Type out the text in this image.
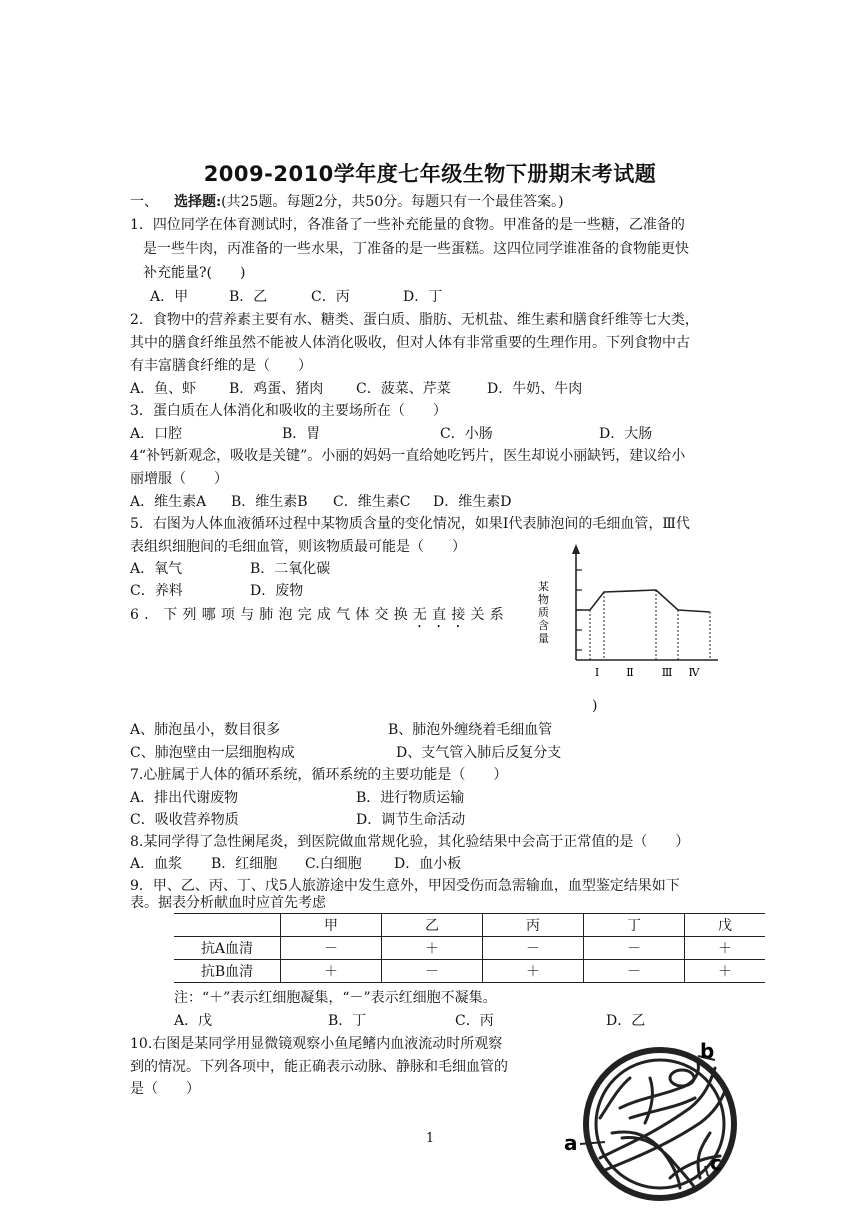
2009-2010学年度七年级生物下册期末考试题
一、 选择题:(共25题。每题2分，共50分。每题只有一个最佳答案。)
1．四位同学在体育测试时，各准备了一些补充能量的食物。甲准备的是一些糖，乙准备的
是一些牛肉，丙准备的一些水果，丁准备的是一些蛋糕。这四位同学谁准备的食物能更快
补充能量?(　　)
A．甲	B．乙	C．丙	D．丁
2．食物中的营养素主要有水、糖类、蛋白质、脂肪、无机盐、维生素和膳食纤维等七大类，
其中的膳食纤维虽然不能被人体消化吸收，但对人体有非常重要的生理作用。下列食物中古
有丰富膳食纤维的是（　　）
A．鱼、虾 B．鸡蛋、猪肉 C．菠菜、芹菜	D．牛奶、牛肉
3．蛋白质在人体消化和吸收的主要场所在（　　）
A．口腔	B．胃	C．小肠	D．大肠
4“补钙新观念，吸收是关键”。小丽的妈妈一直给她吃钙片，医生却说小丽缺钙，建议给小
丽增服（　　）
A．维生素A B．维生素B C．维生素C D．维生素D
5．右图为人体血液循环过程中某物质含量的变化情况，如果Ⅰ代表肺泡间的毛细血管，Ⅲ代
表组织细胞间的毛细血管，则该物质最可能是（　　）
A．氧气	B．二氧化碳
C．养料	D．废物	某
物
质
含
量
Ⅰ Ⅱ	Ⅲ Ⅳ
6．下列哪项与肺泡完成气体交换无直接关系
)
A、肺泡虽小，数目很多	B、肺泡外缠绕着毛细血管
C、肺泡壁由一层细胞构成	D、支气管入肺后反复分支
7.心脏属于人体的循环系统，循环系统的主要功能是（　　）
A．排出代谢废物	B．进行物质运输
C．吸收营养物质	D．调节生命活动
8.某同学得了急性阑尾炎，到医院做血常规化验，其化验结果中会高于正常值的是（　　）
A．血浆 B．红细胞 C.白细胞 D．血小板
9．甲、乙、丙、丁、戊5人旅游途中发生意外，甲因受伤而急需输血，血型鉴定结果如下
表。据表分析献血时应首先考虑
	甲	乙	丙	丁	戊
抗A血清	－	＋	－	－	＋
抗B血清	＋	－	＋	－	＋
注：“＋”表示红细胞凝集，“－”表示红细胞不凝集。
A．戊	B．丁	C．丙	D．乙
10.右图是某同学用显微镜观察小鱼尾鳍内血液流动时所观察
到的情况。下列各项中，能正确表示动脉、静脉和毛细血管的
是（　　）
b
a
c
1
